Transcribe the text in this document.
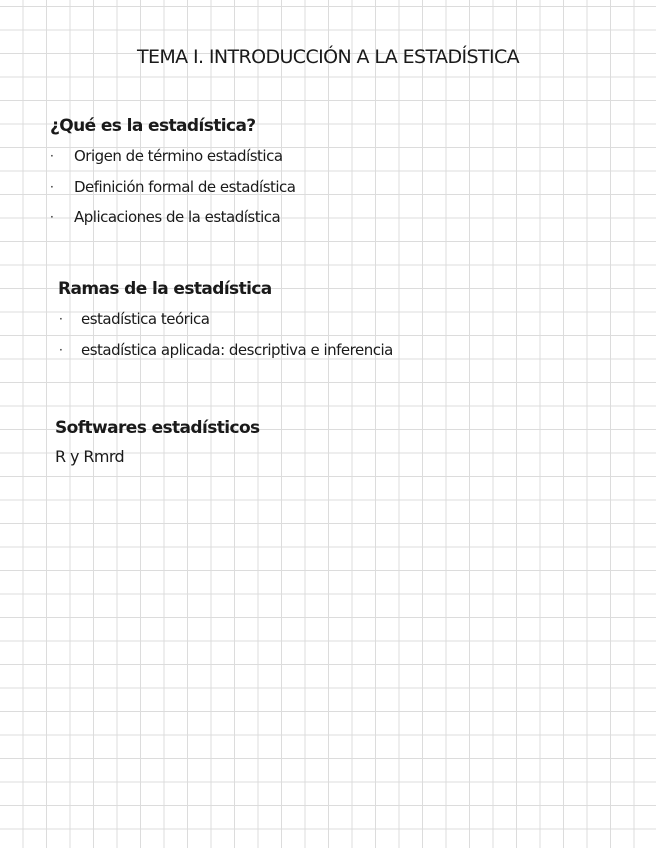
TEMA I. INTRODUCCIÓN A LA ESTADÍSTICA
¿Qué es la estadística?
· Origen de término estadística
· Definición formal de estadística
· Aplicaciones de la estadística
Ramas de la estadística
· estadística teórica
· estadística aplicada: descriptiva e inferencia
Softwares estadísticos
R y Rmrd
